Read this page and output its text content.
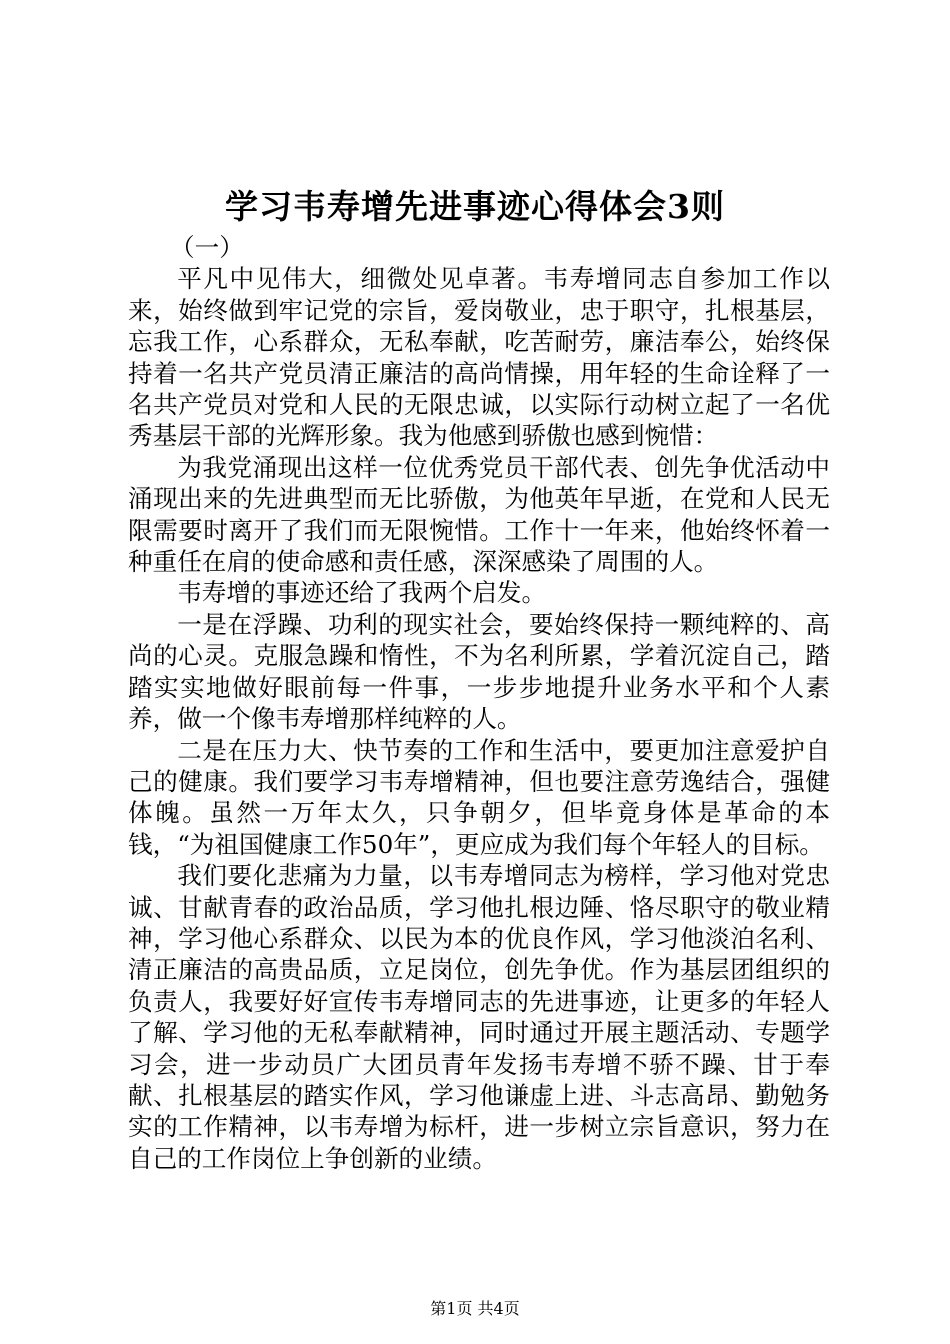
学习韦寿增先进事迹心得体会3则

（一）

平凡中见伟大，细微处见卓著。韦寿增同志自参加工作以来，始终做到牢记党的宗旨，爱岗敬业，忠于职守，扎根基层，忘我工作，心系群众，无私奉献，吃苦耐劳，廉洁奉公，始终保持着一名共产党员清正廉洁的高尚情操，用年轻的生命诠释了一名共产党员对党和人民的无限忠诚，以实际行动树立起了一名优秀基层干部的光辉形象。我为他感到骄傲也感到惋惜：

为我党涌现出这样一位优秀党员干部代表、创先争优活动中涌现出来的先进典型而无比骄傲，为他英年早逝，在党和人民无限需要时离开了我们而无限惋惜。工作十一年来，他始终怀着一种重任在肩的使命感和责任感，深深感染了周围的人。

韦寿增的事迹还给了我两个启发。

一是在浮躁、功利的现实社会，要始终保持一颗纯粹的、高尚的心灵。克服急躁和惰性，不为名利所累，学着沉淀自己，踏踏实实地做好眼前每一件事，一步步地提升业务水平和个人素养，做一个像韦寿增那样纯粹的人。

二是在压力大、快节奏的工作和生活中，要更加注意爱护自己的健康。我们要学习韦寿增精神，但也要注意劳逸结合，强健体魄。虽然一万年太久，只争朝夕，但毕竟身体是革命的本钱，“为祖国健康工作50年”，更应成为我们每个年轻人的目标。

我们要化悲痛为力量，以韦寿增同志为榜样，学习他对党忠诚、甘献青春的政治品质，学习他扎根边陲、恪尽职守的敬业精神，学习他心系群众、以民为本的优良作风，学习他淡泊名利、清正廉洁的高贵品质，立足岗位，创先争优。作为基层团组织的负责人，我要好好宣传韦寿增同志的先进事迹，让更多的年轻人了解、学习他的无私奉献精神，同时通过开展主题活动、专题学习会，进一步动员广大团员青年发扬韦寿增不骄不躁、甘于奉献、扎根基层的踏实作风，学习他谦虚上进、斗志高昂、勤勉务实的工作精神，以韦寿增为标杆，进一步树立宗旨意识，努力在自己的工作岗位上争创新的业绩。

第1页 共4页
